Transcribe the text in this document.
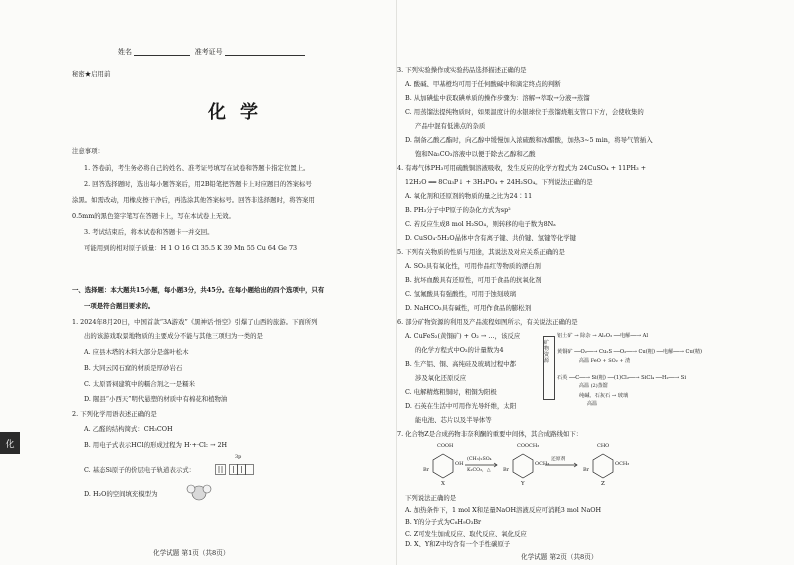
化
姓名	准考证号
秘密★启用前
化学
注意事项：
1. 答卷前，考生务必将自己的姓名、准考证号填写在试卷和答题卡指定位置上。
2. 回答选择题时，选出每小题答案后，用2B铅笔把答题卡上对应题目的答案标号
涂黑。如需改动，用橡皮擦干净后，再选涂其他答案标号。回答非选择题时，将答案用
0.5mm的黑色签字笔写在答题卡上，写在本试卷上无效。
3. 考试结束后，将本试卷和答题卡一并交回。
可能用到的相对原子质量：H 1 O 16 Cl 35.5 K 39 Mn 55 Cu 64 Ge 73
一、选择题：本大题共15小题，每小题3分，共45分。在每小题给出的四个选项中，只有
一项是符合题目要求的。
1. 2024年8月20日，中国首款“3A游戏”《黑神话·悟空》引爆了山西的旅游。下面所列
出的该游戏取景地物质的主要成分不能与其他三项归为一类的是
A. 应县木塔的木料大部分是落叶松木
B. 大同云冈石窟的材质是厚砂岩石
C. 太原晋祠建筑中的糯合剂之一是糯米
D. 隰县“小西天”明代悬塑的材质中有棉花和植物油
2. 下列化学用语表述正确的是
A. 乙醛的结构简式：CH₃COH
B. 用电子式表示HCl的形成过程为 H·+·Cl: → 2H
C. 基态Si原子的价层电子轨道表示式：
3p
D. H₂O的空间填充模型为
化学试题 第1页（共8页）
3. 下列实验操作或实验药品选择描述正确的是
A. 酸碱、甲基橙均可用于任何酸碱中和滴定终点的判断
B. 从加碘盐中获取碘单质的操作步骤为：溶解→萃取→分液→蒸馏
C. 用蒸馏法提纯物质时，如果温度计的水银球位于蒸馏烧瓶支管口下方，会使收集的
产品中混有低沸点的杂质
D. 制备乙酸乙酯时，向乙醇中缓慢加入浓硫酸和冰醋酸，加热3~5 min，将导气管插入
饱和Na₂CO₃溶液中以便于除去乙醇和乙酸
4. 有毒气体PH₃可用硫酸铜溶液吸收，发生反应的化学方程式为 24CuSO₄ + 11PH₃ +
12H₂O ══ 8Cu₃P↓ + 3H₃PO₄ + 24H₂SO₄。下列说法正确的是
A. 氧化剂和还原剂的物质的量之比为24∶11
B. PH₃分子中P原子的杂化方式为sp²
C. 若反应生成8 mol H₂SO₄，则转移的电子数为8Nₐ
D. CuSO₄·5H₂O晶体中含有离子键、共价键、氢键等化学键
5. 下列有关物质的性质与用途，其说法及对应关系正确的是
A. SO₂具有氧化性，可用作品红等物质的漂白剂
B. 抗坏血酸具有还原性，可用于食品的抗氧化剂
C. 氢氟酸具有强酸性，可用于蚀刻玻璃
D. NaHCO₃具有碱性，可用作食品的膨松剂
6. 部分矿物资源的利用及产品流程如图所示，有关说法正确的是
A. CuFeS₂(黄铜矿) + O₂ → …，该反应
的化学方程式中O₂的计量数为4
B. 生产铝、铜、高纯硅及玻璃过程中都
涉及氧化还原反应
C. 电解精炼粗铜时，粗铜为阳极
D. 石英在生活中可用作光导纤维，太阳
能电池、芯片以及半导体等
矿物资源
铝土矿 → 除杂 → Al₂O₃ ──电解──→ Al
黄铜矿 ──O₂──→ Cu₂S ──O₂──→ Cu(粗) ──电解──→ Cu(精)
高温 FeO + SO₂ + 渣
石英 ──C──→ Si(粗) ──(1)Cl₂──→ SiCl₄ ──H₂──→ Si
高温 (2)蒸馏
纯碱、石灰石 → 玻璃
高温
7. 化合物Z是合成药物非奈利酮的重要中间体，其合成路线如下：
COOH
OH
Br
X
(CH₃)₂SO₄
K₂CO₃，△
COOCH₃
OCH₃
Br
Y
还原剂
CHO
OCH₃
Br
Z
下列说法正确的是
A. 加热条件下，1 mol X和足量NaOH溶液反应可消耗3 mol NaOH
B. Y的分子式为C₈H₉O₃Br
C. Z可发生加成反应、取代反应、氧化反应
D. X、Y和Z中均含有一个手性碳原子
化学试题 第2页（共8页）
